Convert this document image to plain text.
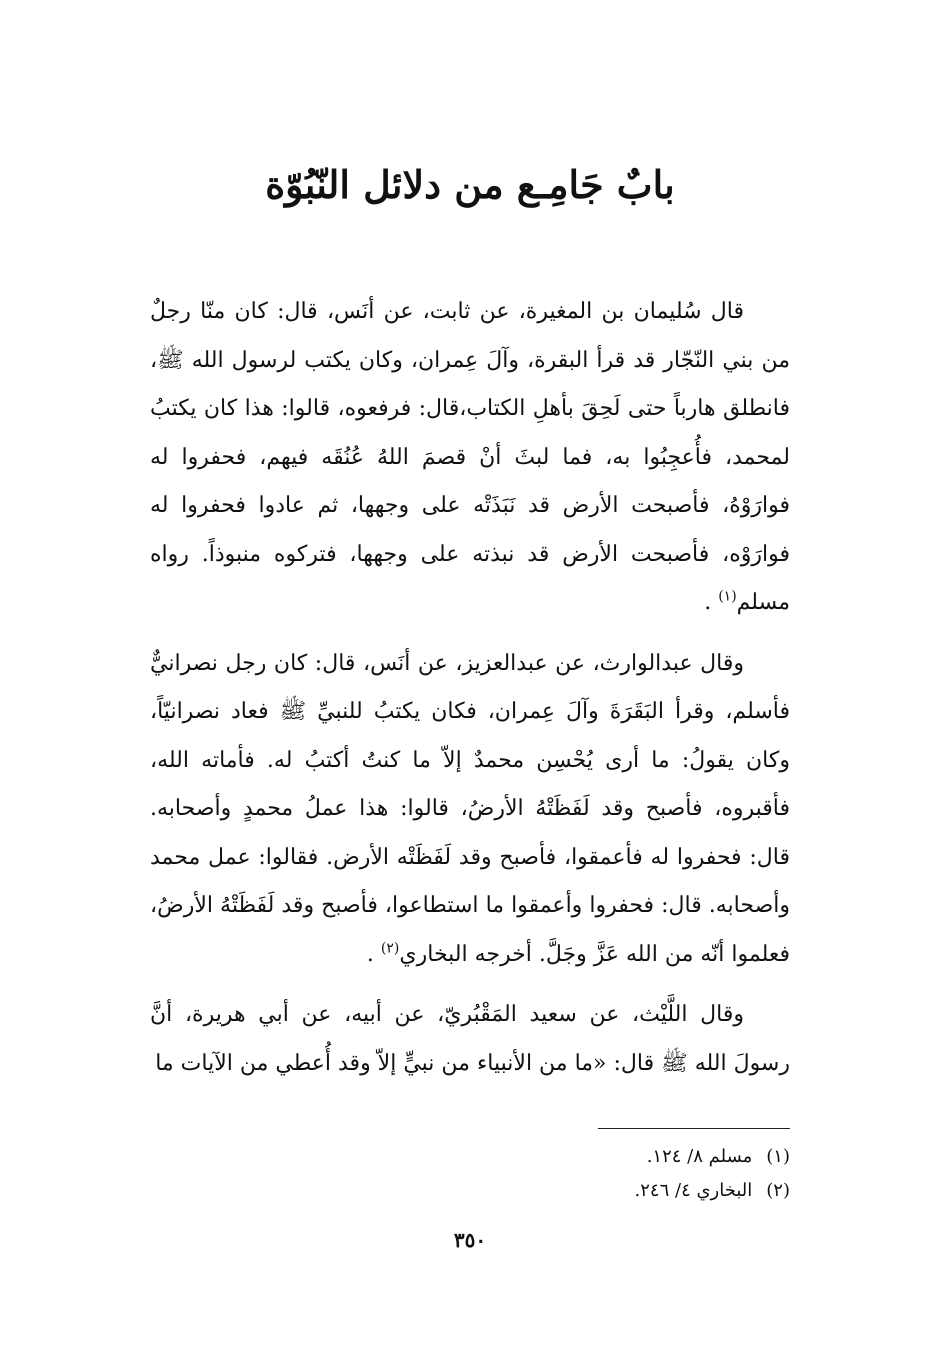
بابٌ جَامِـع من دلائل النّبُوّة

قال سُليمان بن المغيرة، عن ثابت، عن أنَس، قال: كان منّا رجلٌ من بني النّجّار قد قرأ البقرة، وآلَ عِمران، وكان يكتب لرسول الله ﷺ، فانطلق هارباً حتى لَحِقَ بأهلِ الكتاب،قال: فرفعوه، قالوا: هذا كان يكتبُ لمحمد، فأُعجِبُوا به، فما لبثَ أنْ قصمَ اللهُ عُنُقَه فيهم، فحفروا له فوارَوْهُ، فأصبحت الأرض قد نَبَذَتْه على وجهها، ثم عادوا فحفروا له فوارَوْه، فأصبحت الأرض قد نبذته على وجهها، فتركوه منبوذاً. رواه مسلم$^{(١)}$ .

وقال عبدالوارث، عن عبدالعزيز، عن أنَس، قال: كان رجل نصرانيٌّ فأسلم، وقرأ البَقَرَةَ وآلَ عِمران، فكان يكتبُ للنبيِّ ﷺ فعاد نصرانيّاً، وكان يقولُ: ما أرى يُحْسِن محمدٌ إلاّ ما كنتُ أكتبُ له. فأماته الله، فأقبروه، فأصبح وقد لَفَظَتْهُ الأرضُ، قالوا: هذا عملُ محمدٍ وأصحابه. قال: فحفروا له فأعمقوا، فأصبح وقد لَفَظَتْه الأرض. فقالوا: عمل محمد وأصحابه. قال: فحفروا وأعمقوا ما استطاعوا، فأصبح وقد لَفَظَتْهُ الأرضُ، فعلموا أنّه من الله عَزَّ وجَلَّ. أخرجه البخاري$^{(٢)}$ .

وقال اللَّيْث، عن سعيد المَقْبُريّ، عن أبيه، عن أبي هريرة، أنَّ رسولَ الله ﷺ قال: «ما من الأنبياء من نبيٍّ إلاّ وقد أُعطي من الآيات ما

(١)
مسلم ٨/ ١٢٤.
(٢)
البخاري ٤/ ٢٤٦.
٣٥٠
